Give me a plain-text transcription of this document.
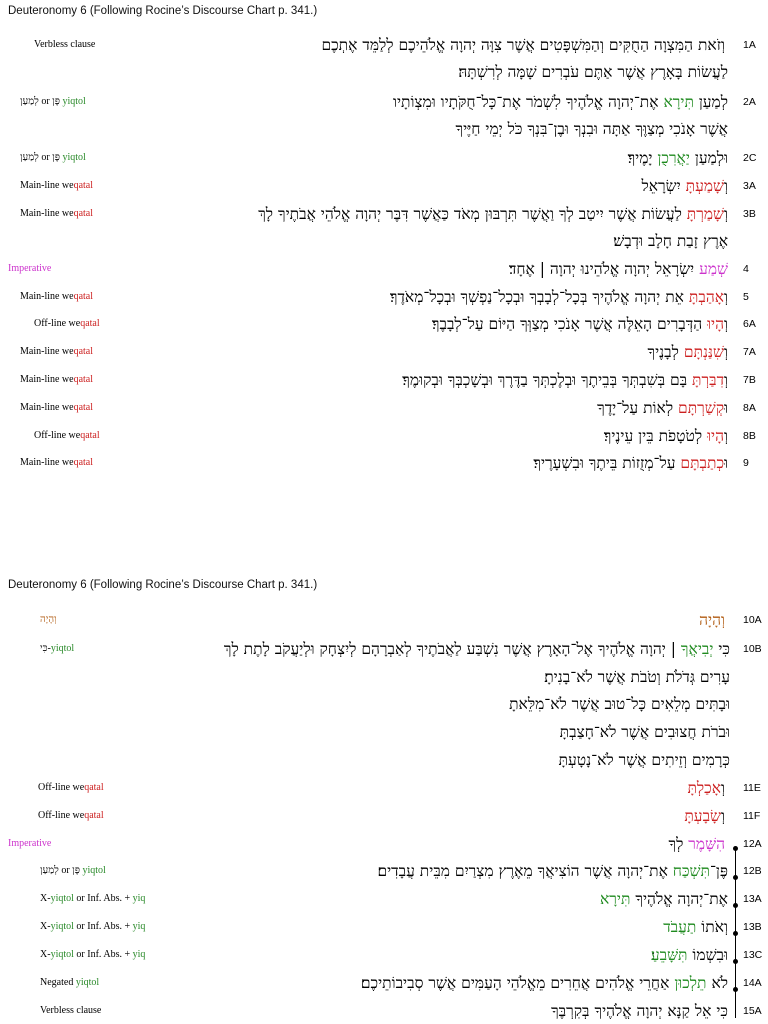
Deuteronomy 6 (Following Rocine’s Discourse Chart p. 341.)
Verbless clause	וְזֹאת הַמִּצְוָה הַחֻקִּים וְהַמִּשְׁפָּטִים אֲשֶׁר צִוָּה יְהוָה אֱלֹהֵיכֶם לְלַמֵּד אֶתְכֶם 1A
לַעֲשׂוֹת בָּאָרֶץ אֲשֶׁר אַתֶּם עֹבְרִים שָׁמָּה לְרִשְׁתָּהּ׃
לְמַעַן or פֶּן yiqtol	לְמַעַן תִּירָא אֶת־יְהוָה אֱלֹהֶיךָ לִשְׁמֹר אֶת־כָּל־חֻקֹּתָיו וּמִצְוֹתָיו	2A
אֲשֶׁר אָנֹכִי מְצַוֶּךָ אַתָּה וּבִנְךָ וּבֶן־בִּנְךָ כֹּל יְמֵי חַיֶּיךָ
לְמַעַן or פֶּן yiqtol	וּלְמַעַן יַאֲרִכֻן יָמֶיךָ׃	2C
Main-line weqatal	וְשָׁמַעְתָּ יִשְׂרָאֵל	3A
Main-line weqatal	וְשָׁמַרְתָּ לַעֲשׂוֹת אֲשֶׁר יִיטַב לְךָ וַאֲשֶׁר תִּרְבּוּן מְאֹד כַּאֲשֶׁר דִּבֶּר יְהוָה אֱלֹהֵי אֲבֹתֶיךָ לָךְ	3B
אֶרֶץ זָבַת חָלָב וּדְבָשׁ׃
Imperative	שְׁמַע יִשְׂרָאֵל יְהוָה אֱלֹהֵינוּ יְהוָה | אֶחָד׃	4
Main-line weqatal	וְאָהַבְתָּ אֵת יְהוָה אֱלֹהֶיךָ בְּכָל־לְבָבְךָ וּבְכָל־נַפְשְׁךָ וּבְכָל־מְאֹדֶךָ׃	5
Off-line weqatal	וְהָיוּ הַדְּבָרִים הָאֵלֶּה אֲשֶׁר אָנֹכִי מְצַוְּךָ הַיּוֹם עַל־לְבָבֶךָ׃	6A
Main-line weqatal	וְשִׁנַּנְתָּם לְבָנֶיךָ	7A
Main-line weqatal	וְדִבַּרְתָּ בָּם בְּשִׁבְתְּךָ בְּבֵיתֶךָ וּבְלֶכְתְּךָ בַדֶּרֶךְ וּבְשָׁכְבְּךָ וּבְקוּמֶךָ׃	7B
Main-line weqatal	וּקְשַׁרְתָּם לְאוֹת עַל־יָדֶךָ	8A
Off-line weqatal	וְהָיוּ לְטֹטָפֹת בֵּין עֵינֶיךָ׃	8B
Main-line weqatal	וּכְתַבְתָּם עַל־מְזֻזוֹת בֵּיתֶךָ וּבִשְׁעָרֶיךָ׃	9
Deuteronomy 6 (Following Rocine’s Discourse Chart p. 341.)
וְהָיָה	וְהָיָה 10A
כִּי-yiqtol	כִּי יְבִיאֲךָ | יְהוָה אֱלֹהֶיךָ אֶל־הָאָרֶץ אֲשֶׁר נִשְׁבַּע לַאֲבֹתֶיךָ לְאַבְרָהָם לְיִצְחָק וּלְיַעֲקֹב לָתֶת לָךְ	10B
עָרִים גְּדֹלֹת וְטֹבֹת אֲשֶׁר לֹא־בָנִיתָ׃
וּבָתִּים מְלֵאִים כָּל־טוּב אֲשֶׁר לֹא־מִלֵּאתָ
וּבֹרֹת חֲצוּבִים אֲשֶׁר לֹא־חָצַבְתָּ
כְּרָמִים וְזֵיתִים אֲשֶׁר לֹא־נָטָעְתָּ
Off-line weqatal	וְאָכַלְתָּ	11E
Off-line weqatal	וְשָׂבָעְתָּ	11F
Imperative	הִשָּׁמֶר לְךָ	12A
לְמַעַן or פֶּן yiqtol	פֶּן־תִּשְׁכַּח אֶת־יְהוָה אֲשֶׁר הוֹצִיאֲךָ מֵאֶרֶץ מִצְרַיִם מִבֵּית עֲבָדִים׃	12B
X-yiqtol or Inf. Abs. + yiq	אֶת־יְהוָה אֱלֹהֶיךָ תִּירָא	13A
X-yiqtol or Inf. Abs. + yiq	וְאֹתוֹ תַעֲבֹד	13B
X-yiqtol or Inf. Abs. + yiq	וּבִשְׁמוֹ תִּשָּׁבֵעַ	13C
Negated yiqtol	לֹא תֵלְכוּן אַחֲרֵי אֱלֹהִים אֲחֵרִים מֵאֱלֹהֵי הָעַמִּים אֲשֶׁר סְבִיבוֹתֵיכֶם׃	14A
Verbless clause	כִּי אֵל קַנָּא יְהוָה אֱלֹהֶיךָ בְּקִרְבֶּךָ 15A
